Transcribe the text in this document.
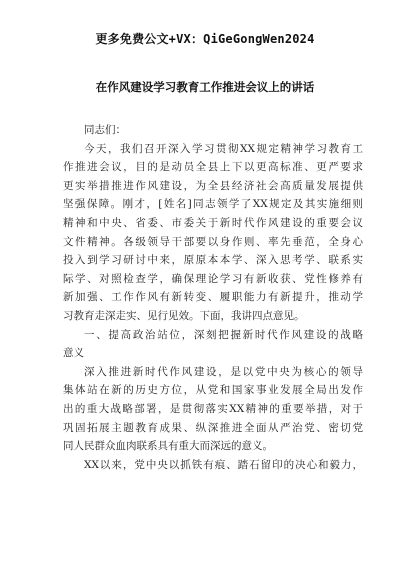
更多免费公文+VX：QiGeGongWen2024
在作风建设学习教育工作推进会议上的讲话
同志们：
今天，我们召开深入学习贯彻XX规定精神学习教育工
作推进会议，目的是动员全县上下以更高标准、更严要求
更实举措推进作风建设，为全县经济社会高质量发展提供
坚强保障。刚才，[姓名]同志领学了XX规定及其实施细则
精神和中央、省委、市委关于新时代作风建设的重要会议
文件精神。各级领导干部要以身作则、率先垂范，全身心
投入到学习研讨中来，原原本本学、深入思考学、联系实
际学、对照检查学，确保理论学习有新收获、党性修养有
新加强、工作作风有新转变、履职能力有新提升，推动学
习教育走深走实、见行见效。下面，我讲四点意见。
一、提高政治站位，深刻把握新时代作风建设的战略
意义
深入推进新时代作风建设，是以党中央为核心的领导
集体站在新的历史方位，从党和国家事业发展全局出发作
出的重大战略部署，是贯彻落实XX精神的重要举措，对于
巩固拓展主题教育成果、纵深推进全面从严治党、密切党
同人民群众血肉联系具有重大而深远的意义。
XX以来，党中央以抓铁有痕、踏石留印的决心和毅力，
